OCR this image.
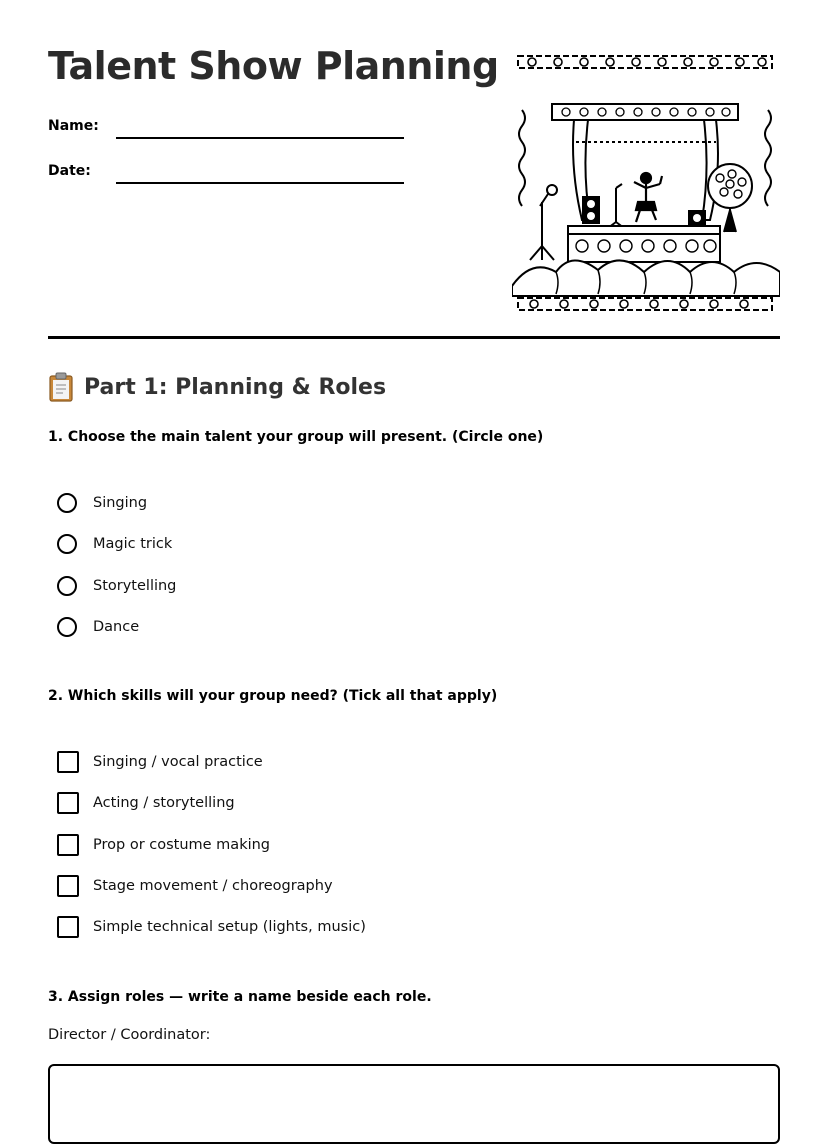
Talent Show Planning
Name:
Date:
Part 1: Planning & Roles

1. Choose the main talent your group will present. (Circle one)

Singing
Magic trick
Storytelling
Dance

2. Which skills will your group need? (Tick all that apply)

Singing / vocal practice
Acting / storytelling
Prop or costume making
Stage movement / choreography
Simple technical setup (lights, music)

3. Assign roles — write a name beside each role.

Director / Coordinator:
